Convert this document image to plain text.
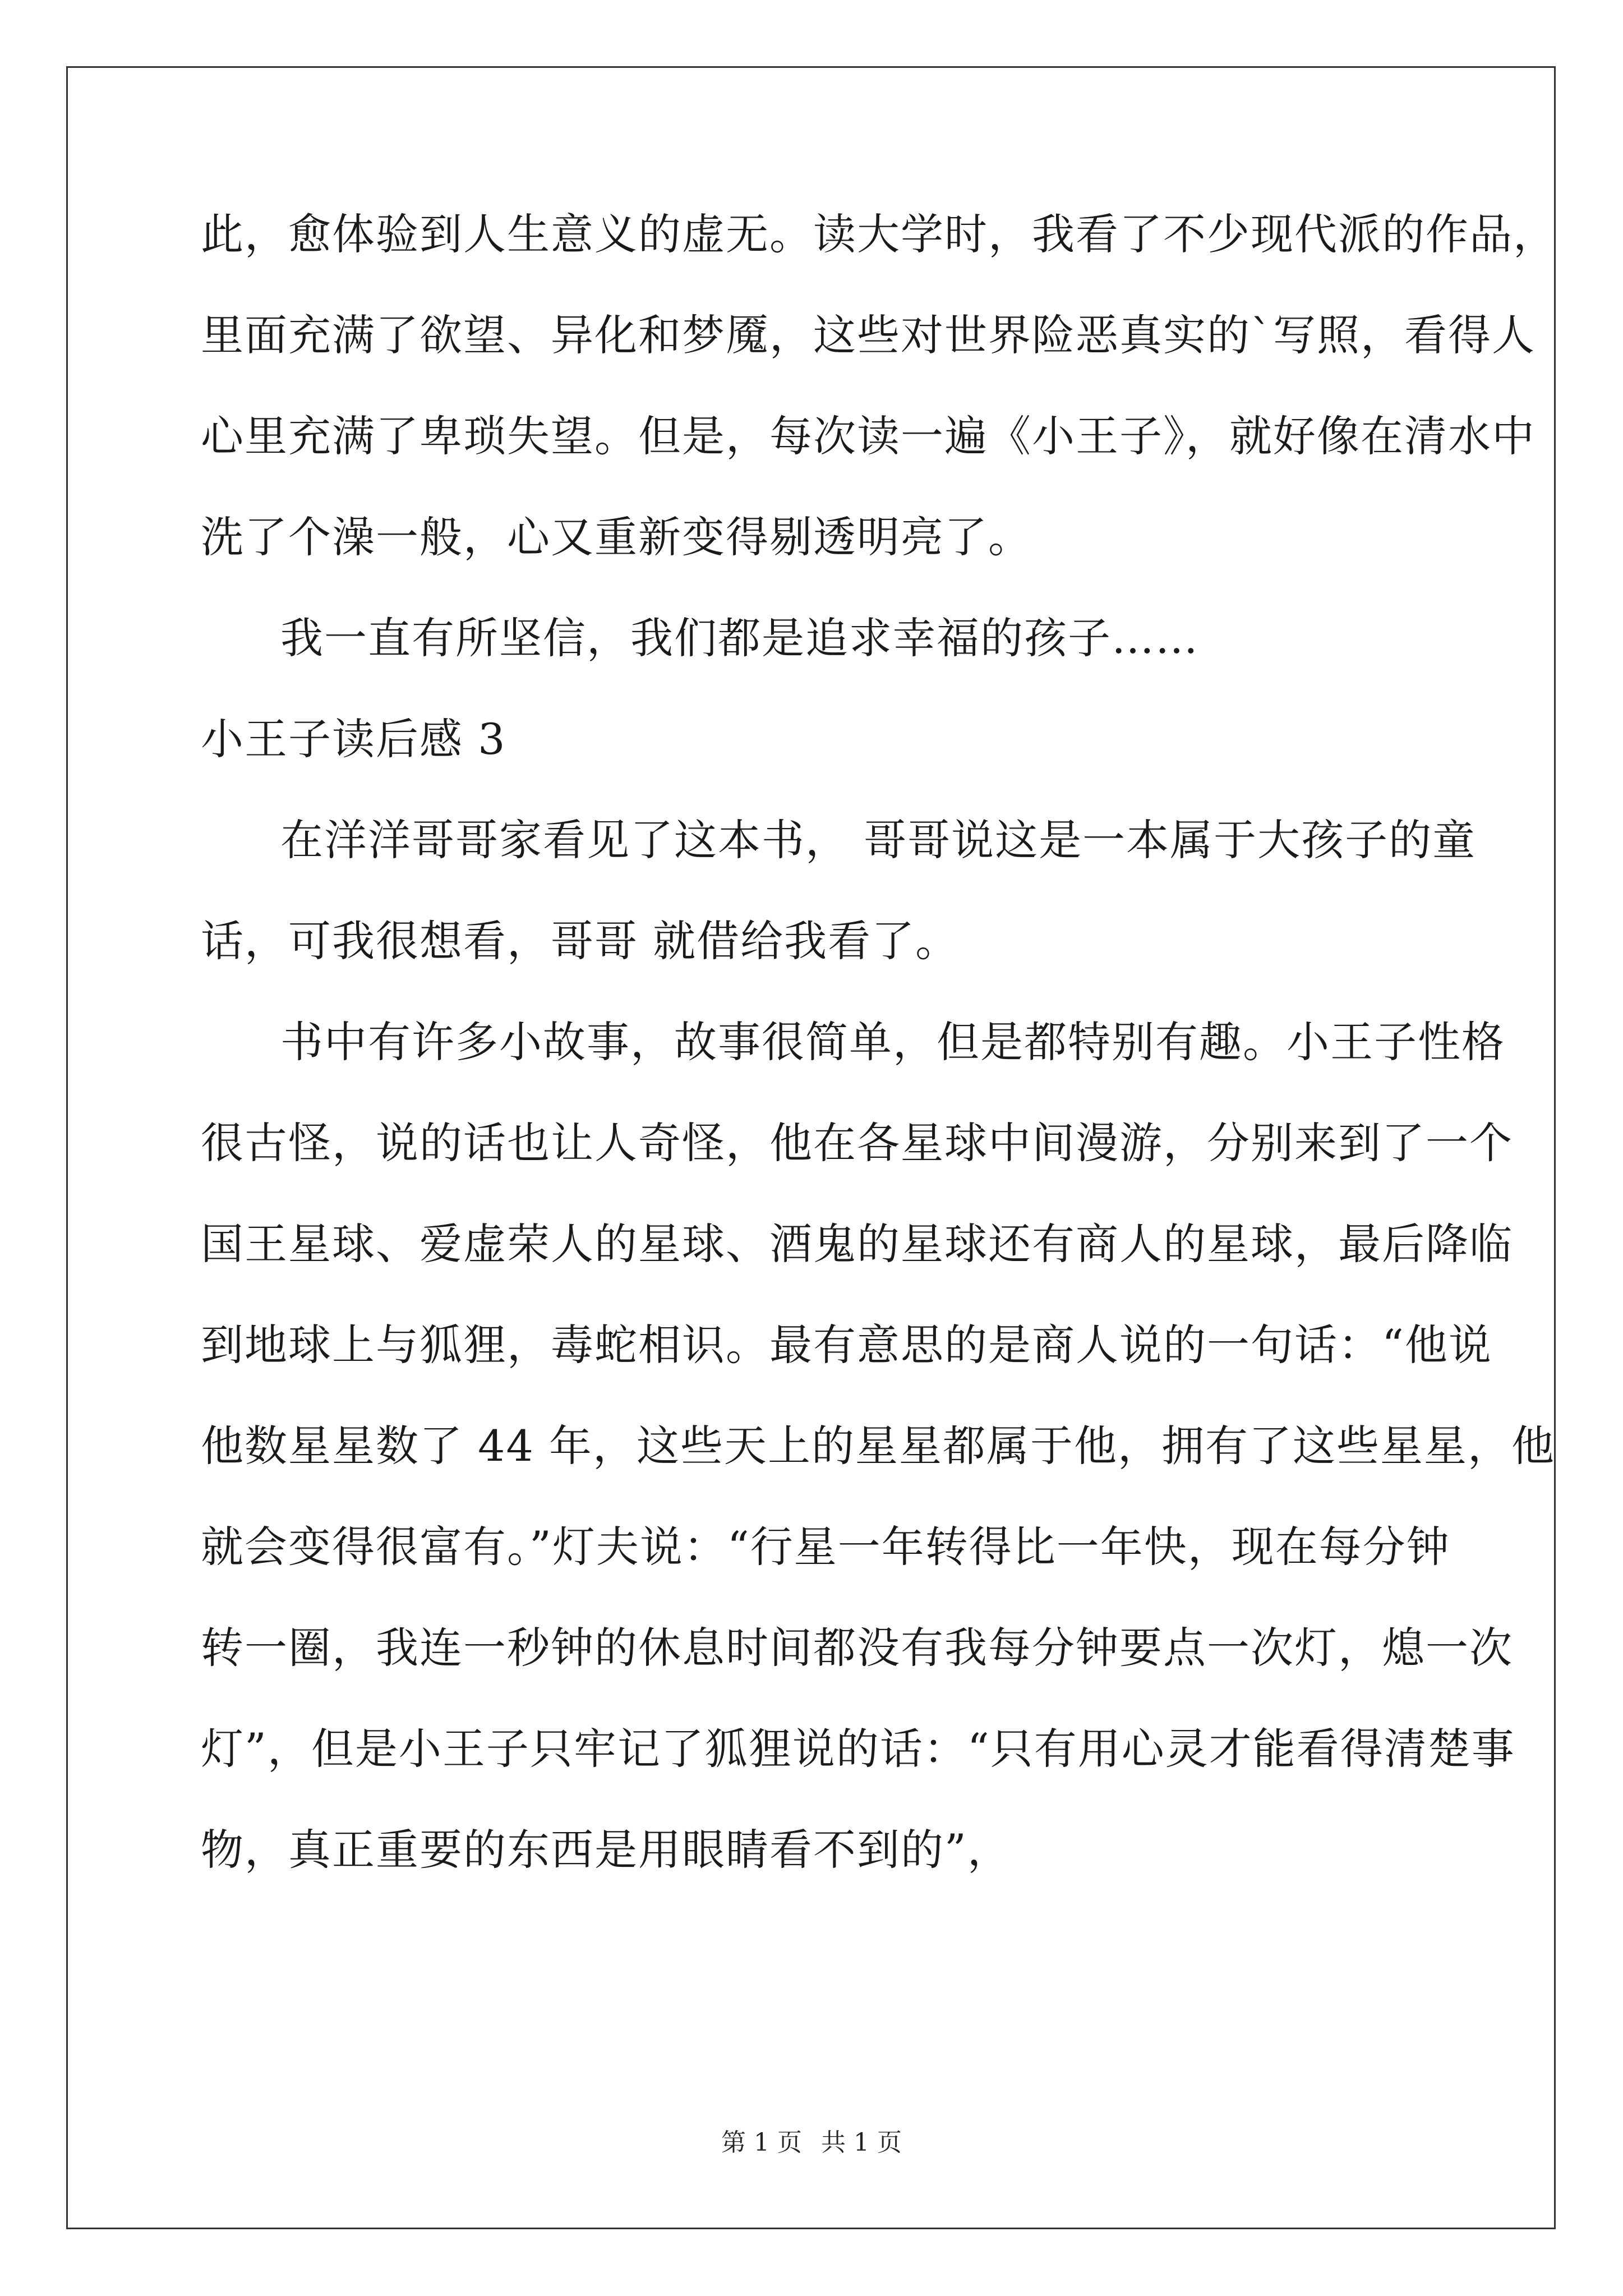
此，愈体验到人生意义的虚无。读大学时，我看了不少现代派的作品，
里面充满了欲望、异化和梦魇，这些对世界险恶真实的`写照，看得人
心里充满了卑琐失望。但是，每次读一遍《小王子》，就好像在清水中
洗了个澡一般，心又重新变得剔透明亮了。
我一直有所坚信，我们都是追求幸福的孩子……
小王子读后感 3
在洋洋哥哥家看见了这本书， 哥哥说这是一本属于大孩子的童
话，可我很想看，哥哥 就借给我看了。
书中有许多小故事，故事很简单，但是都特别有趣。小王子性格
很古怪，说的话也让人奇怪，他在各星球中间漫游，分别来到了一个
国王星球、爱虚荣人的星球、酒鬼的星球还有商人的星球，最后降临
到地球上与狐狸，毒蛇相识。最有意思的是商人说的一句话：“他说
他数星星数了 44 年，这些天上的星星都属于他，拥有了这些星星，他
就会变得很富有。”灯夫说：“行星一年转得比一年快，现在每分钟
转一圈，我连一秒钟的休息时间都没有我每分钟要点一次灯，熄一次
灯”，但是小王子只牢记了狐狸说的话：“只有用心灵才能看得清楚事
物，真正重要的东西是用眼睛看不到的”，
第 1 页 共 1 页
